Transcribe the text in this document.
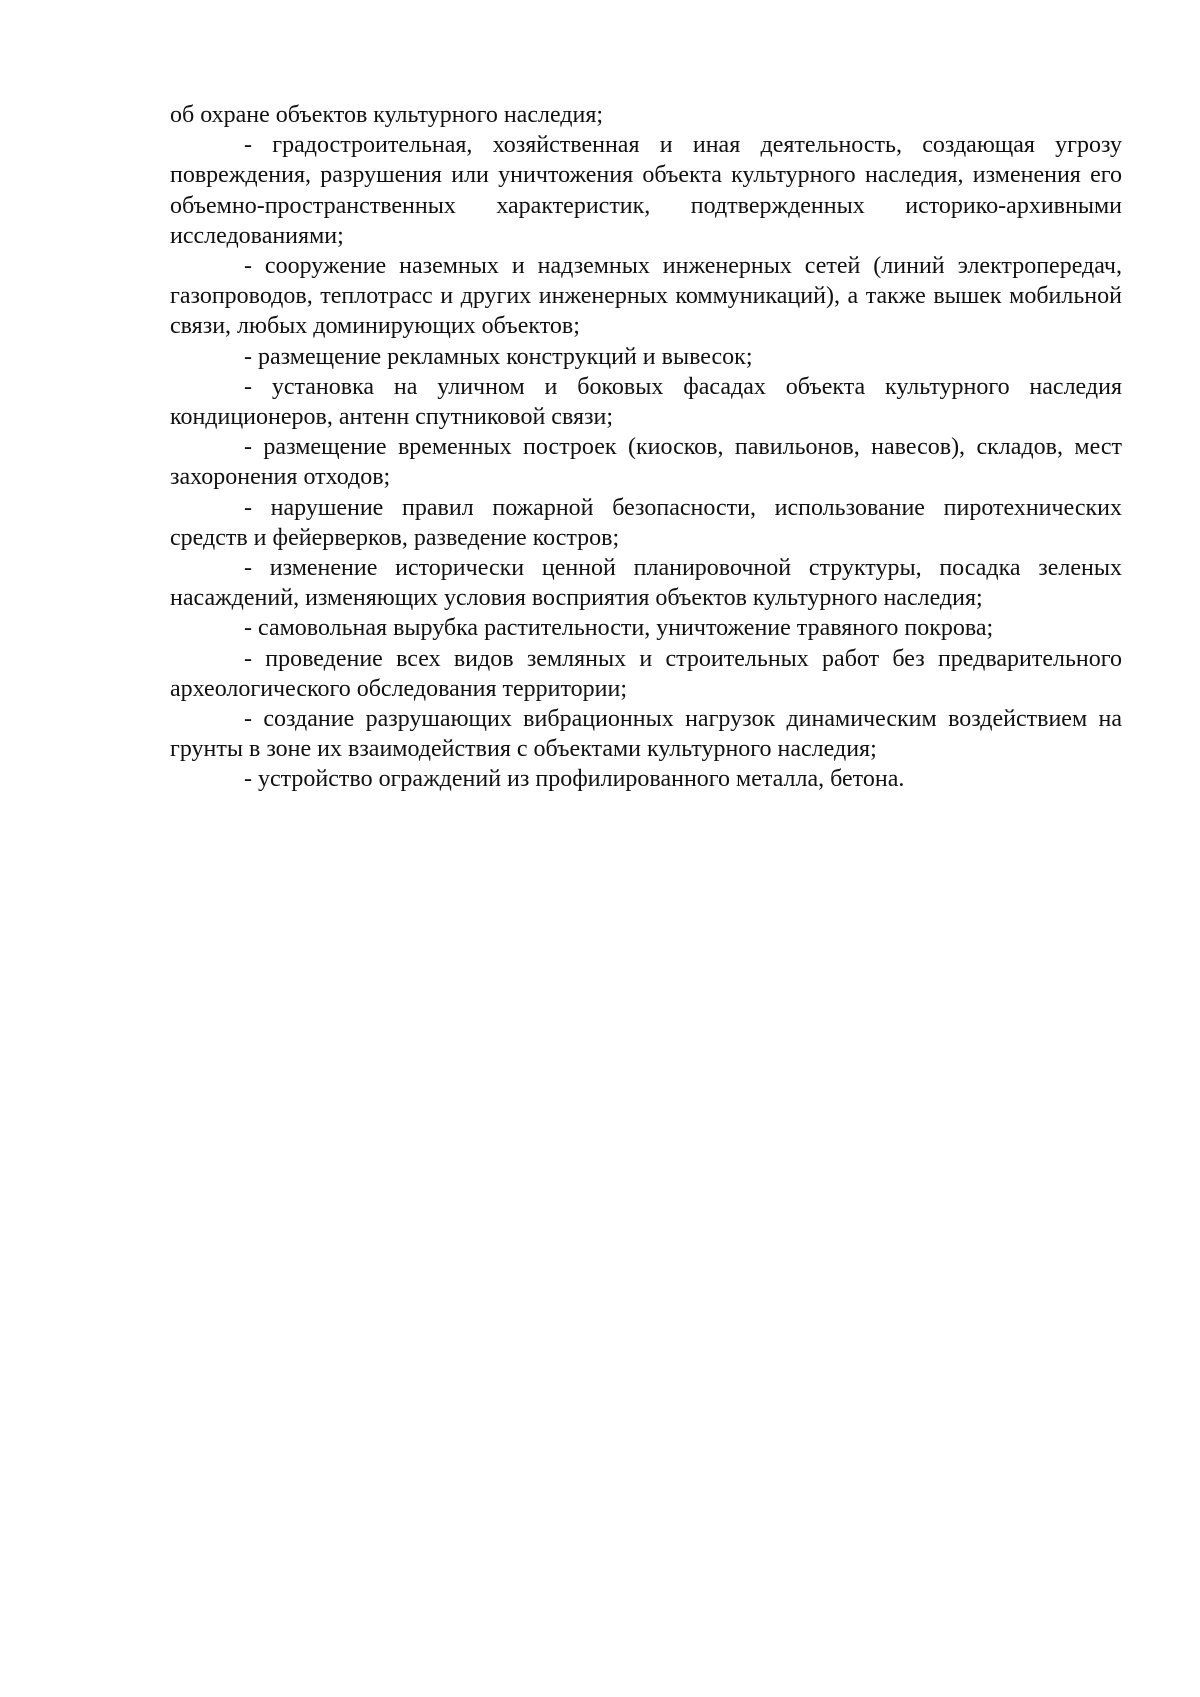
об охране объектов культурного наследия;

- градостроительная, хозяйственная и иная деятельность, создающая угрозу повреждения, разрушения или уничтожения объекта культурного наследия, изменения его объемно-пространственных характеристик, подтвержденных историко-архивными исследованиями;

- сооружение наземных и надземных инженерных сетей (линий электропередач, газопроводов, теплотрасс и других инженерных коммуникаций), а также вышек мобильной связи, любых доминирующих объектов;

- размещение рекламных конструкций и вывесок;

- установка на уличном и боковых фасадах объекта культурного наследия кондиционеров, антенн спутниковой связи;

- размещение временных построек (киосков, павильонов, навесов), складов, мест захоронения отходов;

- нарушение правил пожарной безопасности, использование пиротехнических средств и фейерверков, разведение костров;

- изменение исторически ценной планировочной структуры, посадка зеленых насаждений, изменяющих условия восприятия объектов культурного наследия;

- самовольная вырубка растительности, уничтожение травяного покрова;

- проведение всех видов земляных и строительных работ без предварительного археологического обследования территории;

- создание разрушающих вибрационных нагрузок динамическим воздействием на грунты в зоне их взаимодействия с объектами культурного наследия;

- устройство ограждений из профилированного металла, бетона.
